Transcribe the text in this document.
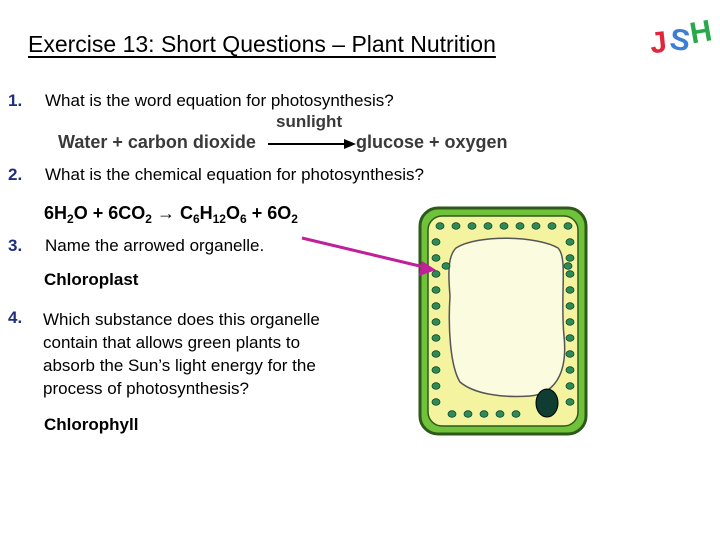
Exercise 13: Short Questions – Plant Nutrition	J S
H
1. What is the word equation for photosynthesis?
sunlight
Water + carbon dioxide	glucose + oxygen
2. What is the chemical equation for photosynthesis?
$6H_2O + 6CO_2 \to C_6H_{12}O_6 + 6O_2$
3. Name the arrowed organelle.
Chloroplast
4. Which substance does this organelle
contain that allows green plants to
absorb the Sun’s light energy for the
process of photosynthesis?
Chlorophyll
